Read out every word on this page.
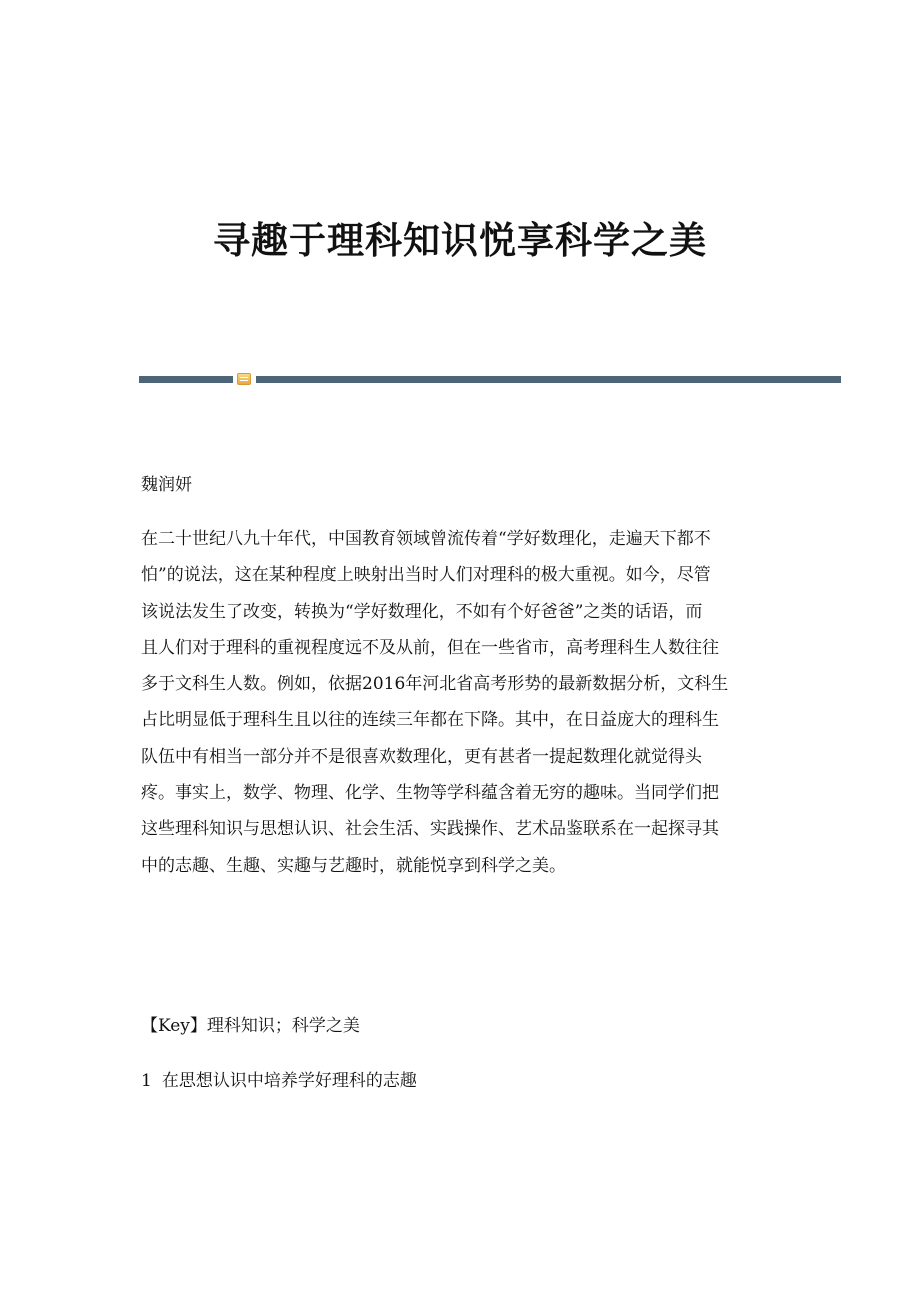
寻趣于理科知识悦享科学之美

魏润妍

在二十世纪八九十年代，中国教育领域曾流传着“学好数理化，走遍天下都不
怕”的说法，这在某种程度上映射出当时人们对理科的极大重视。如今，尽管
该说法发生了改变，转换为“学好数理化，不如有个好爸爸”之类的话语，而
且人们对于理科的重视程度远不及从前，但在一些省市，高考理科生人数往往
多于文科生人数。例如，依据2016年河北省高考形势的最新数据分析，文科生
占比明显低于理科生且以往的连续三年都在下降。其中，在日益庞大的理科生
队伍中有相当一部分并不是很喜欢数理化，更有甚者一提起数理化就觉得头
疼。事实上，数学、物理、化学、生物等学科蕴含着无穷的趣味。当同学们把
这些理科知识与思想认识、社会生活、实践操作、艺术品鉴联系在一起探寻其
中的志趣、生趣、实趣与艺趣时，就能悦享到科学之美。

【Key】理科知识；科学之美

1 在思想认识中培养学好理科的志趣
